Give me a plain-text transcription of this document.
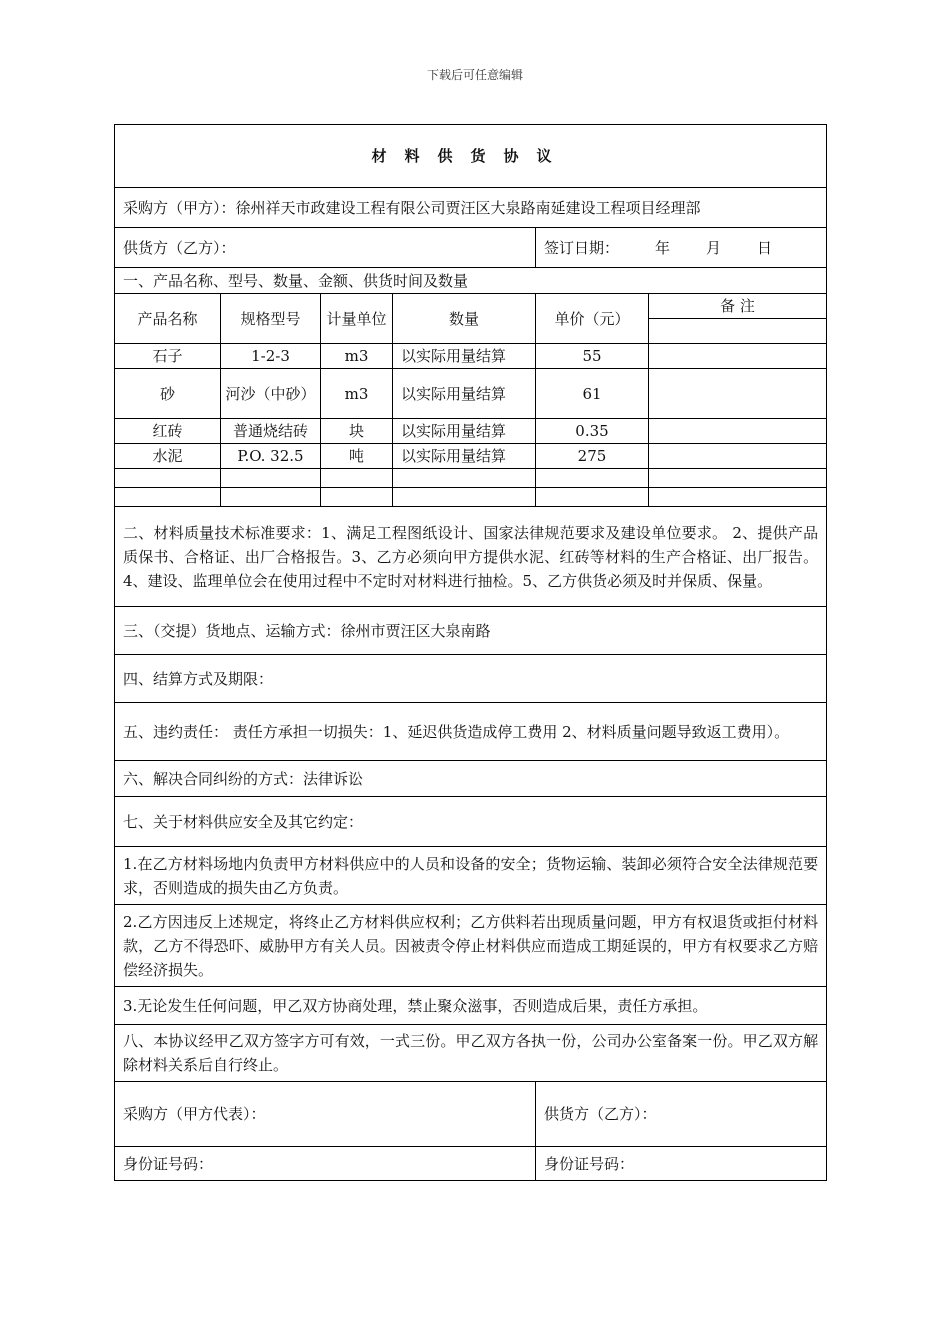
下载后可任意编辑
材料供货协议					
采购方（甲方）：徐州祥天市政建设工程有限公司贾汪区大泉路南延建设工程项目经理部					
供货方（乙方）：				签订日期： 年 月 日	
一、产品名称、型号、数量、金额、供货时间及数量					
产品名称	规格型号	计量单位	数量	单价（元）	备 注

石子	1-2-3	m3	以实际用量结算	55	
砂	河沙（中砂）	m3	以实际用量结算	61	
红砖	普通烧结砖	块	以实际用量结算	0.35	
水泥	P.O. 32.5	吨	以实际用量结算	275	

二、材料质量技术标准要求：1、满足工程图纸设计、国家法律规范要求及建设单位要求。 2、提供产品质保书、合格证、出厂合格报告。3、乙方必须向甲方提供水泥、红砖等材料的生产合格证、出厂报告。4、建设、监理单位会在使用过程中不定时对材料进行抽检。5、乙方供货必须及时并保质、保量。					
三、（交提）货地点、运输方式：徐州市贾汪区大泉南路					
四、结算方式及期限：					
五、违约责任： 责任方承担一切损失：1、延迟供货造成停工费用 2、材料质量问题导致返工费用）。					
六、解决合同纠纷的方式：法律诉讼					
七、关于材料供应安全及其它约定：					
1.在乙方材料场地内负责甲方材料供应中的人员和设备的安全；货物运输、装卸必须符合安全法律规范要求，否则造成的损失由乙方负责。					
2.乙方因违反上述规定，将终止乙方材料供应权利；乙方供料若出现质量问题，甲方有权退货或拒付材料款，乙方不得恐吓、威胁甲方有关人员。因被责令停止材料供应而造成工期延误的，甲方有权要求乙方赔偿经济损失。					
3.无论发生任何问题，甲乙双方协商处理，禁止聚众滋事，否则造成后果，责任方承担。					
八、本协议经甲乙双方签字方可有效，一式三份。甲乙双方各执一份，公司办公室备案一份。甲乙双方解除材料关系后自行终止。					
采购方（甲方代表）：				供货方（乙方）：	
身份证号码：				身份证号码：	
